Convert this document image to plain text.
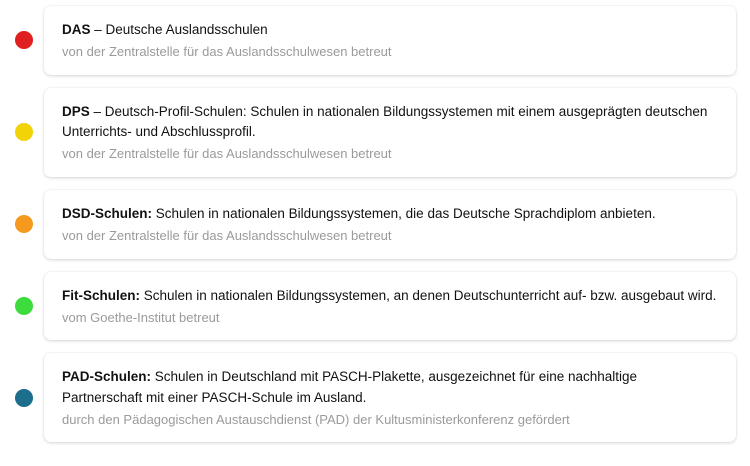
DAS – Deutsche Auslandsschulen
von der Zentralstelle für das Auslandsschulwesen betreut
DPS – Deutsch-Profil-Schulen: Schulen in nationalen Bildungssystemen mit einem ausgeprägten deutschen Unterrichts- und Abschlussprofil.
von der Zentralstelle für das Auslandsschulwesen betreut
DSD-Schulen: Schulen in nationalen Bildungssystemen, die das Deutsche Sprachdiplom anbieten.
von der Zentralstelle für das Auslandsschulwesen betreut
Fit-Schulen: Schulen in nationalen Bildungssystemen, an denen Deutschunterricht auf- bzw. ausgebaut wird.
vom Goethe-Institut betreut
PAD-Schulen: Schulen in Deutschland mit PASCH-Plakette, ausgezeichnet für eine nachhaltige Partnerschaft mit einer PASCH-Schule im Ausland.
durch den Pädagogischen Austauschdienst (PAD) der Kultusministerkonferenz gefördert
